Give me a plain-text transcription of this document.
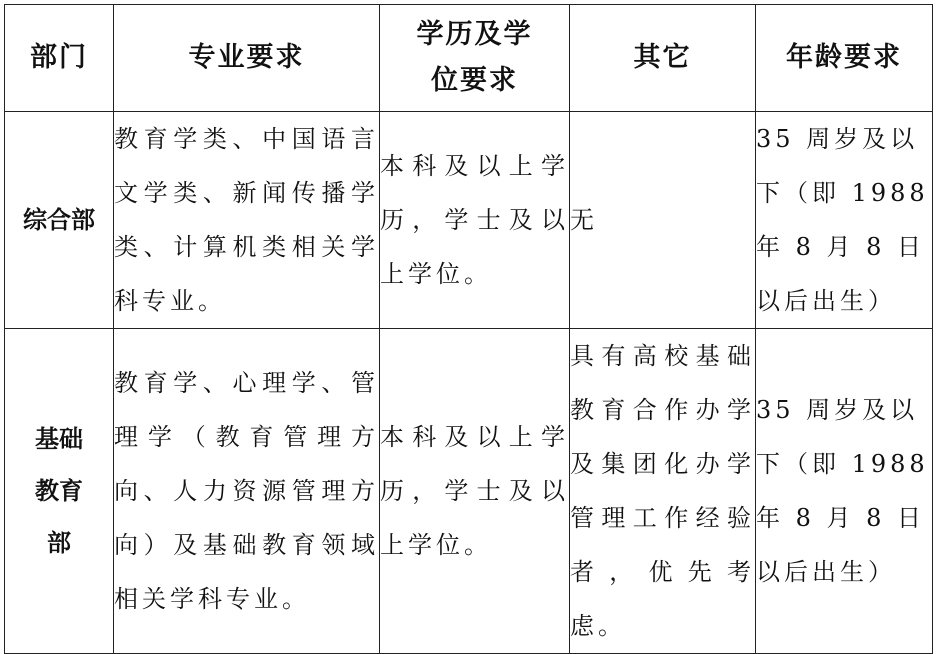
部门	专业要求	学历及学位要求	其它	年龄要求
综合部	教育学类、中国语言文学类、新闻传播学类、计算机类相关学科专业。	本科及以上学历，学士及以上学位。	无	35 周岁及以下（即 1988 年 8 月 8 日以后出生）
基础教育部	教育学、心理学、管理学（教育管理方向、人力资源管理方向）及基础教育领域相关学科专业。	本科及以上学历，学士及以上学位。	具有高校基础教育合作办学及集团化办学管理工作经验者，优先考虑。	35 周岁及以下（即 1988 年 8 月 8 日以后出生）
